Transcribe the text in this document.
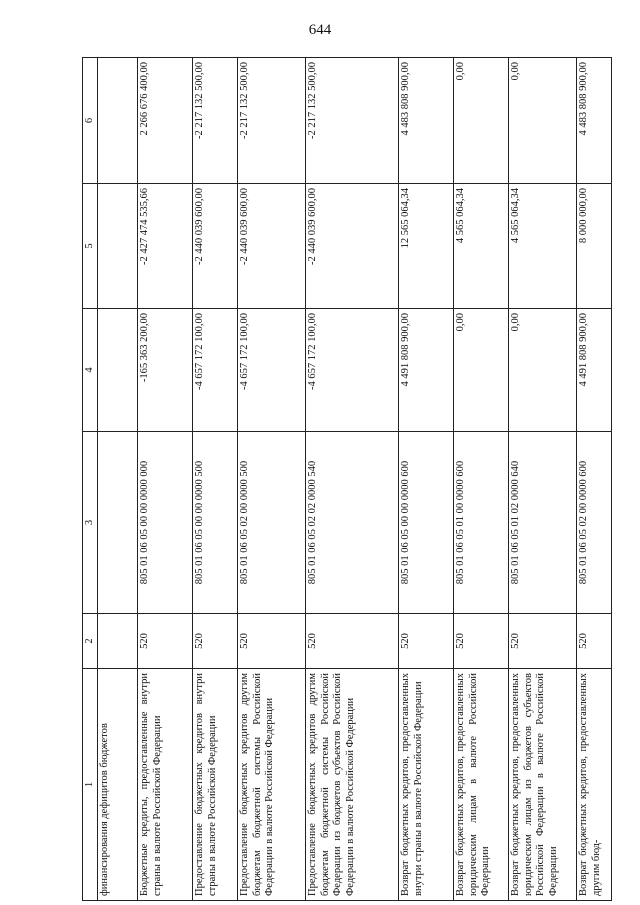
644
1	2	3	4	5	6
финансирования дефицитов бюджетов					
Бюджетные кредиты, предоставленные внутри страны в валюте Российской Федерации	520	805 01 06 05 00 00 0000 000	-165 363 200,00	-2 427 474 535,66	2 266 676 400,00
Предоставление бюджетных кредитов внутри страны в валюте Российской Федерации	520	805 01 06 05 00 00 0000 500	-4 657 172 100,00	-2 440 039 600,00	-2 217 132 500,00
Предоставление бюджетных кредитов другим бюджетам бюджетной системы Российской Федерации в валюте Российской Федерации	520	805 01 06 05 02 00 0000 500	-4 657 172 100,00	-2 440 039 600,00	-2 217 132 500,00
Предоставление бюджетных кредитов другим бюджетам бюджетной системы Российской Федерации из бюджетов субъектов Российской Федерации в валюте Российской Федерации	520	805 01 06 05 02 02 0000 540	-4 657 172 100,00	-2 440 039 600,00	-2 217 132 500,00
Возврат бюджетных кредитов, предоставленных внутри страны в валюте Российской Федерации	520	805 01 06 05 00 00 0000 600	4 491 808 900,00	12 565 064,34	4 483 808 900,00
Возврат бюджетных кредитов, предоставленных юридическим лицам в валюте Российской Федерации	520	805 01 06 05 01 00 0000 600	0,00	4 565 064,34	0,00
Возврат бюджетных кредитов, предоставленных юридическим лицам из бюджетов субъектов Российской Федерации в валюте Российской Федерации	520	805 01 06 05 01 02 0000 640	0,00	4 565 064,34	0,00
Возврат бюджетных кредитов, предоставленных другим бюд-	520	805 01 06 05 02 00 0000 600	4 491 808 900,00	8 000 000,00	4 483 808 900,00
